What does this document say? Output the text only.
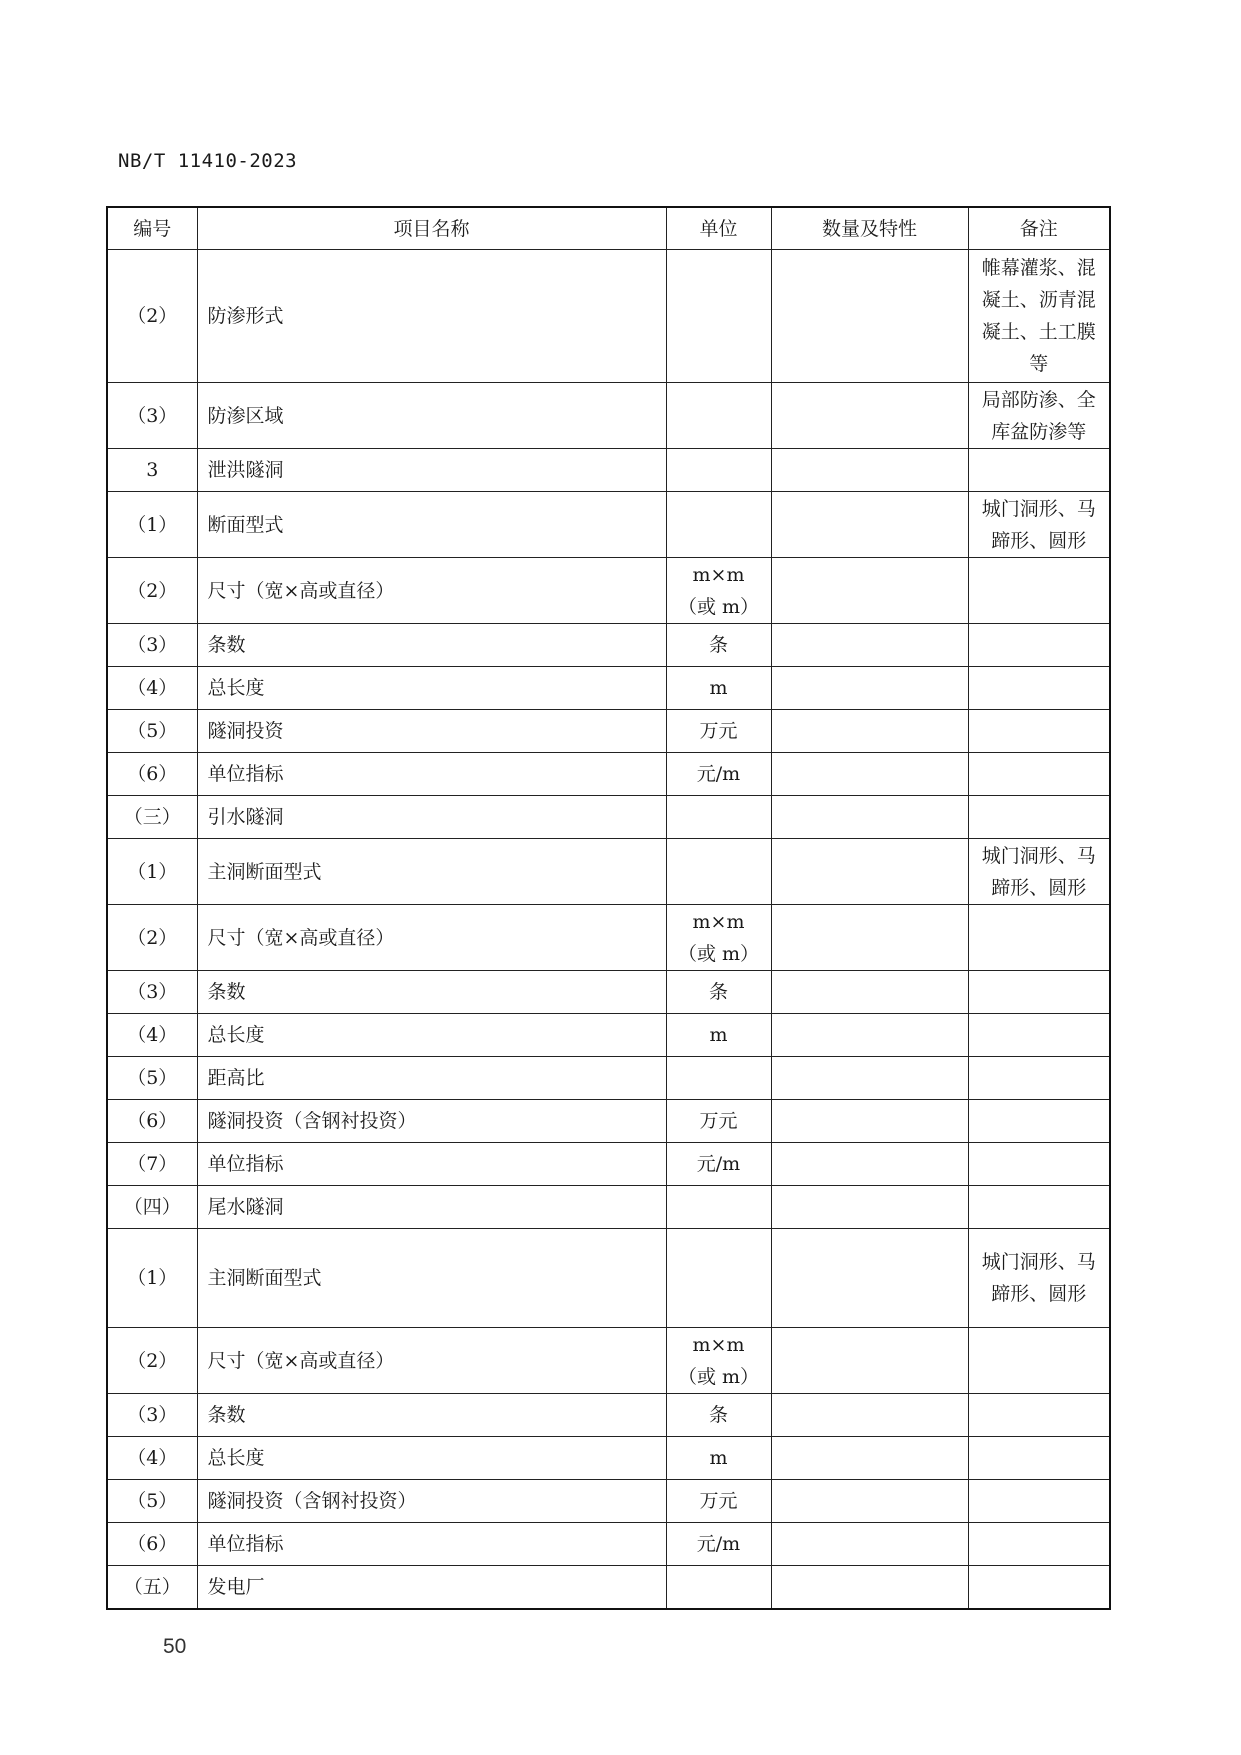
NB/T 11410-2023
编号	项目名称	单位	数量及特性	备注
（2）	防渗形式			帷幕灌浆、混凝土、沥青混凝土、土工膜等
（3）	防渗区域			局部防渗、全库盆防渗等
3	泄洪隧洞			
（1）	断面型式			城门洞形、马蹄形、圆形
（2）	尺寸（宽×高或直径）	m×m（或 m）		
（3）	条数	条		
（4）	总长度	m		
（5）	隧洞投资	万元		
（6）	单位指标	元/m		
（三）	引水隧洞			
（1）	主洞断面型式			城门洞形、马蹄形、圆形
（2）	尺寸（宽×高或直径）	m×m（或 m）		
（3）	条数	条		
（4）	总长度	m		
（5）	距高比			
（6）	隧洞投资（含钢衬投资）	万元		
（7）	单位指标	元/m		
（四）	尾水隧洞			
（1）	主洞断面型式			城门洞形、马蹄形、圆形
（2）	尺寸（宽×高或直径）	m×m（或 m）		
（3）	条数	条		
（4）	总长度	m		
（5）	隧洞投资（含钢衬投资）	万元		
（6）	单位指标	元/m		
（五）	发电厂			
50
